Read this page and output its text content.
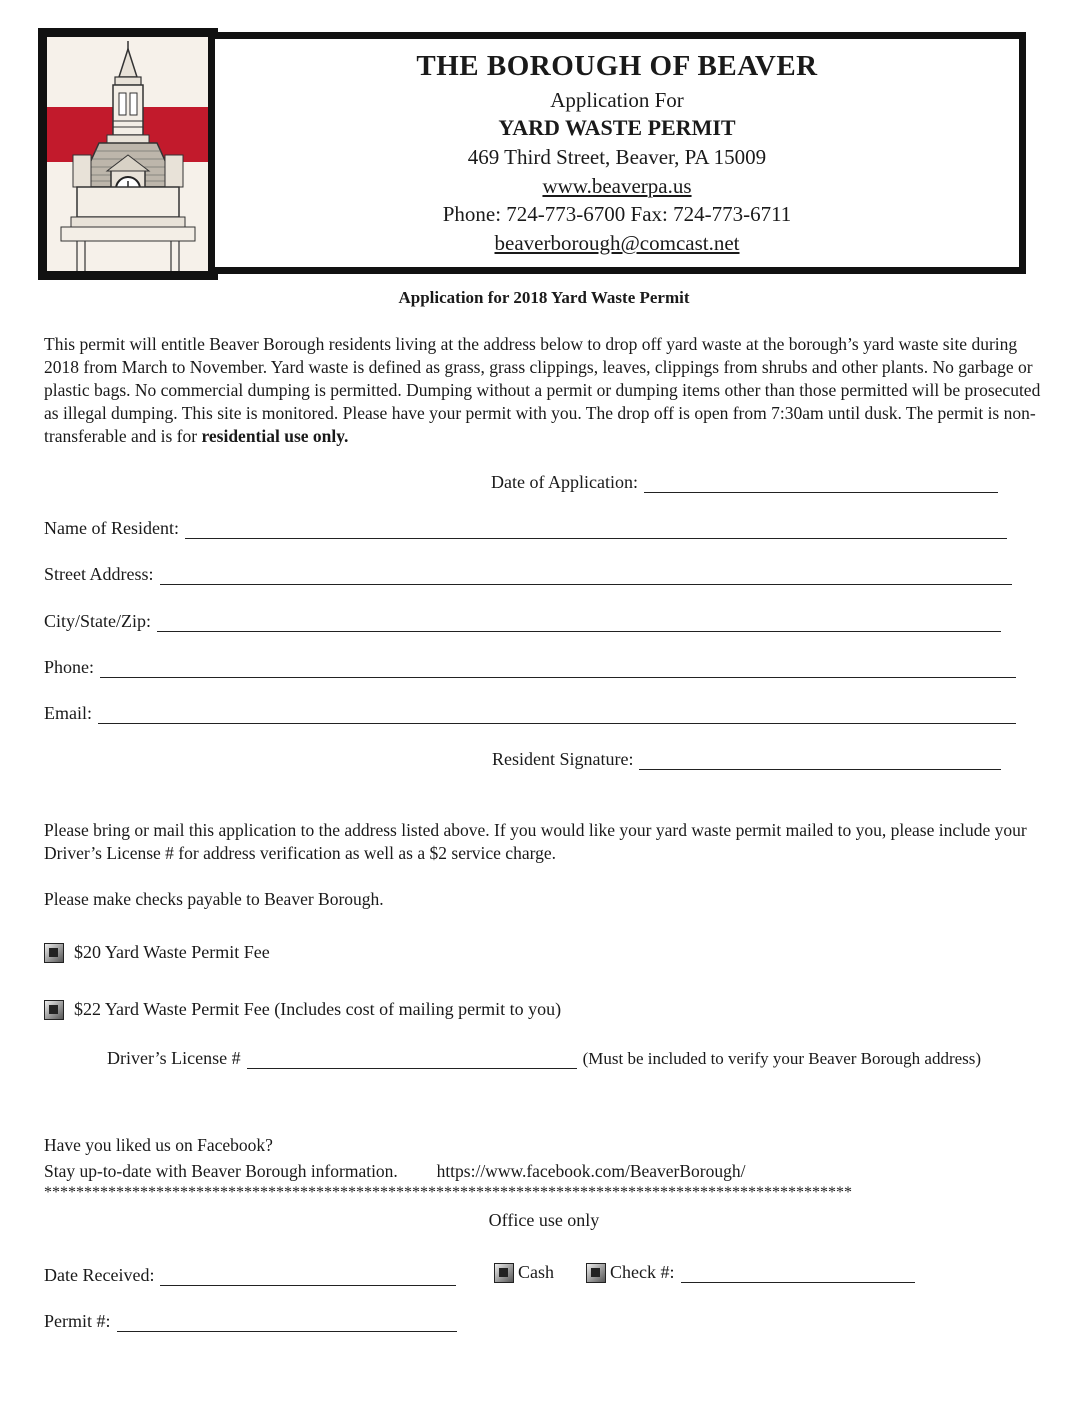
THE BOROUGH OF BEAVER
Application For
YARD WASTE PERMIT
469 Third Street, Beaver, PA 15009
www.beaverpa.us
Phone: 724-773-6700 Fax: 724-773-6711
beaverborough@comcast.net
Application for 2018 Yard Waste Permit
This permit will entitle Beaver Borough residents living at the address below to drop off yard waste at the borough’s yard waste site during 2018 from March to November. Yard waste is defined as grass, grass clippings, leaves, clippings from shrubs and other plants. No garbage or plastic bags. No commercial dumping is permitted. Dumping without a permit or dumping items other than those permitted will be prosecuted as illegal dumping. This site is monitored. Please have your permit with you. The drop off is open from 7:30am until dusk. The permit is non-transferable and is for residential use only.
Date of Application:
Name of Resident:
Street Address:
City/State/Zip:
Phone:
Email:
Resident Signature:
Please bring or mail this application to the address listed above. If you would like your yard waste permit mailed to you, please include your Driver’s License # for address verification as well as a $2 service charge.
Please make checks payable to Beaver Borough.
$20 Yard Waste Permit Fee
$22 Yard Waste Permit Fee (Includes cost of mailing permit to you)
Driver’s License #	(Must be included to verify your Beaver Borough address)
Have you liked us on Facebook?
Stay up-to-date with Beaver Borough information. https://www.facebook.com/BeaverBorough/
*****************************************************************************************************
Office use only
Date Received:	Cash	Check #:
Permit #:
